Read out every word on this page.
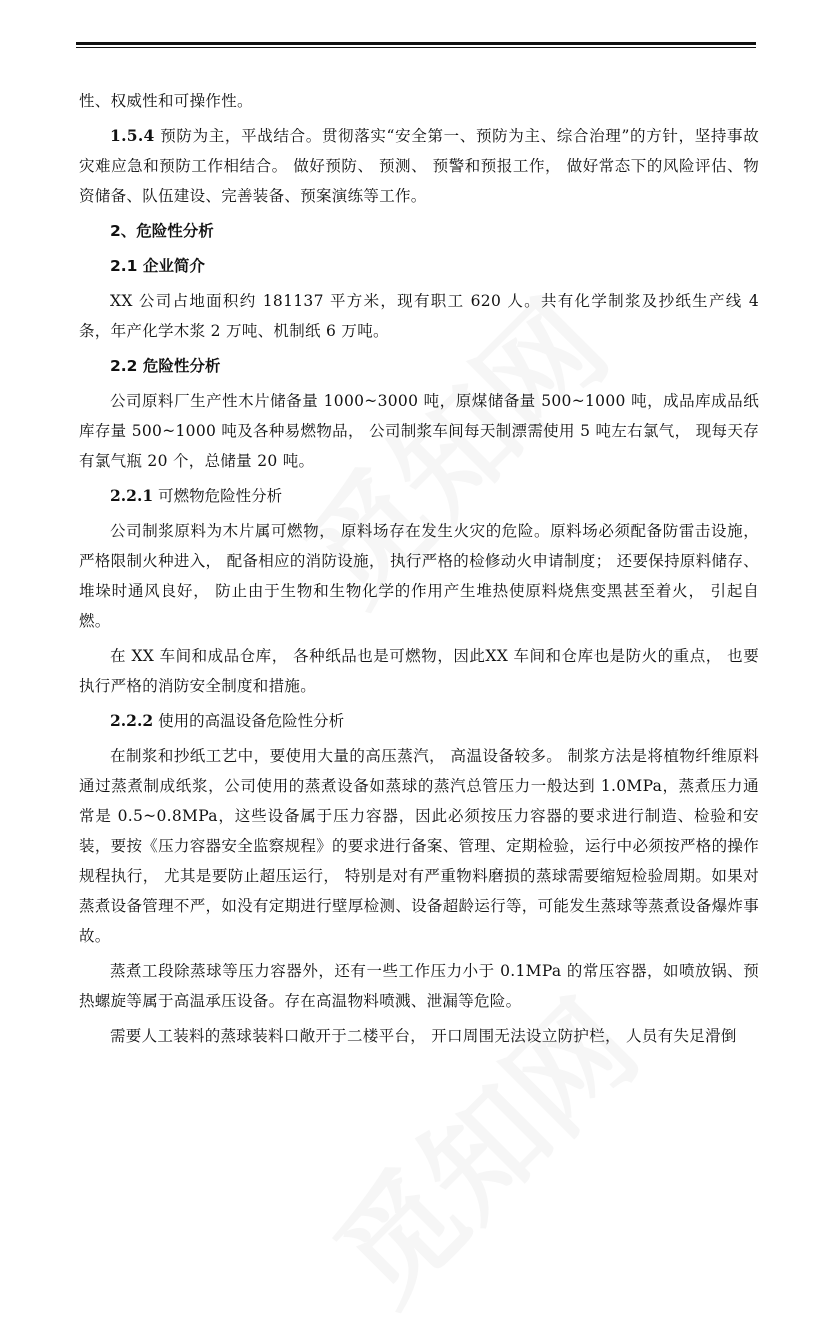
性、权威性和可操作性。

1.5.4 预防为主，平战结合。贯彻落实“安全第一、预防为主、综合治理”的方针，坚持事故灾难应急和预防工作相结合。 做好预防、 预测、 预警和预报工作， 做好常态下的风险评估、物资储备、队伍建设、完善装备、预案演练等工作。

2、危险性分析

2.1 企业简介

XX 公司占地面积约 181137 平方米，现有职工 620 人。共有化学制浆及抄纸生产线 4 条，年产化学木浆 2 万吨、机制纸 6 万吨。

2.2 危险性分析

公司原料厂生产性木片储备量 1000~3000 吨，原煤储备量 500~1000 吨，成品库成品纸库存量 500~1000 吨及各种易燃物品， 公司制浆车间每天制漂需使用 5 吨左右氯气， 现每天存有氯气瓶 20 个，总储量 20 吨。

2.2.1 可燃物危险性分析

公司制浆原料为木片属可燃物， 原料场存在发生火灾的危险。原料场必须配备防雷击设施，严格限制火种进入， 配备相应的消防设施， 执行严格的检修动火申请制度； 还要保持原料储存、堆垛时通风良好， 防止由于生物和生物化学的作用产生堆热使原料烧焦变黑甚至着火， 引起自燃。

在 XX 车间和成品仓库， 各种纸品也是可燃物，因此XX 车间和仓库也是防火的重点， 也要执行严格的消防安全制度和措施。

2.2.2 使用的高温设备危险性分析

在制浆和抄纸工艺中，要使用大量的高压蒸汽， 高温设备较多。 制浆方法是将植物纤维原料通过蒸煮制成纸浆，公司使用的蒸煮设备如蒸球的蒸汽总管压力一般达到 1.0MPa，蒸煮压力通常是 0.5~0.8MPa，这些设备属于压力容器，因此必须按压力容器的要求进行制造、检验和安装，要按《压力容器安全监察规程》的要求进行备案、管理、定期检验，运行中必须按严格的操作规程执行， 尤其是要防止超压运行， 特别是对有严重物料磨损的蒸球需要缩短检验周期。如果对蒸煮设备管理不严，如没有定期进行壁厚检测、设备超龄运行等，可能发生蒸球等蒸煮设备爆炸事故。

蒸煮工段除蒸球等压力容器外，还有一些工作压力小于 0.1MPa 的常压容器，如喷放锅、预热螺旋等属于高温承压设备。存在高温物料喷溅、泄漏等危险。

需要人工装料的蒸球装料口敞开于二楼平台， 开口周围无法设立防护栏， 人员有失足滑倒
